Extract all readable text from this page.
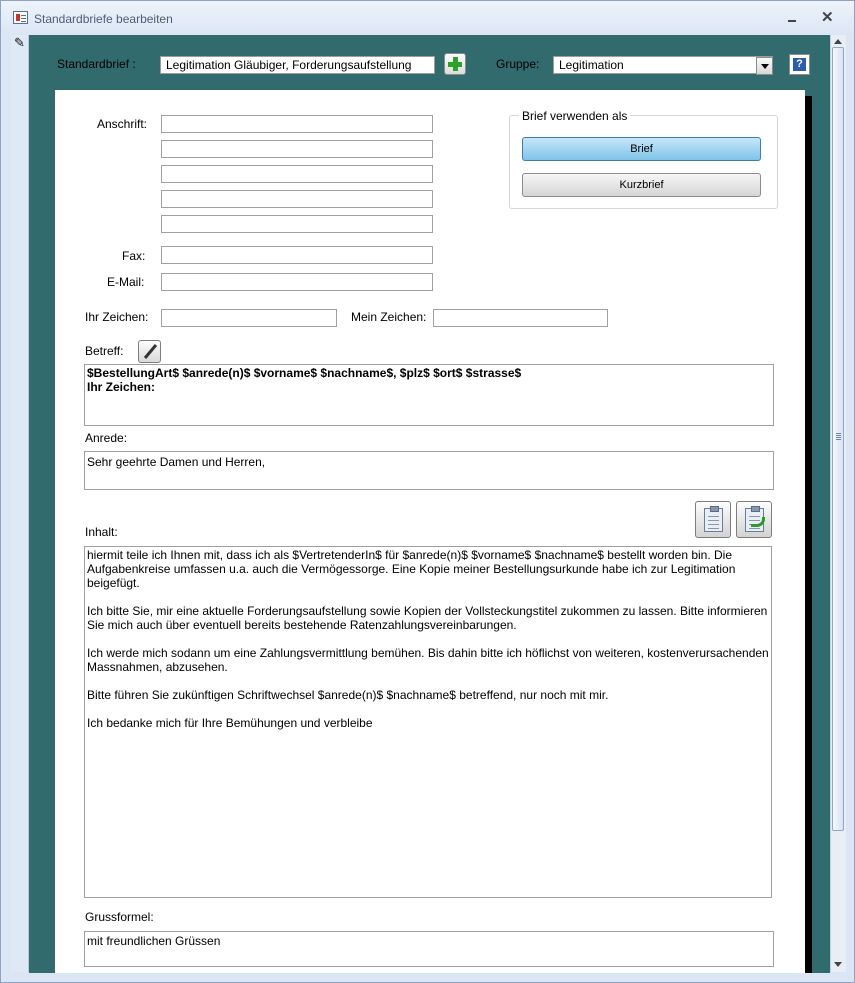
Standardbriefe bearbeiten	✕
✎
Standardbrief :	Legitimation Gläubiger, Forderungsaufstellung	Gruppe:	Legitimation	?
Anschrift:
Fax:
E-Mail:
Ihr Zeichen:	Mein Zeichen:
Brief verwenden als
Brief
Kurzbrief
Betreff:
$BestellungArt$ $anrede(n)$ $vorname$ $nachname$, $plz$ $ort$ $strasse$
Ihr Zeichen:
Anrede:
Sehr geehrte Damen und Herren,
Inhalt:
hiermit teile ich Ihnen mit, dass ich als $VertretenderIn$ für $anrede(n)$ $vorname$ $nachname$ bestellt worden bin. Die Aufgabenkreise umfassen u.a. auch die Vermögessorge. Eine Kopie meiner Bestellungsurkunde habe ich zur Legitimation beigefügt.

Ich bitte Sie, mir eine aktuelle Forderungsaufstellung sowie Kopien der Vollsteckungstitel zukommen zu lassen. Bitte informieren Sie mich auch über eventuell bereits bestehende Ratenzahlungsvereinbarungen.

Ich werde mich sodann um eine Zahlungsvermittlung bemühen. Bis dahin bitte ich höflichst von weiteren, kostenverursachenden Massnahmen, abzusehen.

Bitte führen Sie zukünftigen Schriftwechsel $anrede(n)$ $nachname$ betreffend, nur noch mit mir.

Ich bedanke mich für Ihre Bemühungen und verbleibe
Grussformel:
mit freundlichen Grüssen
